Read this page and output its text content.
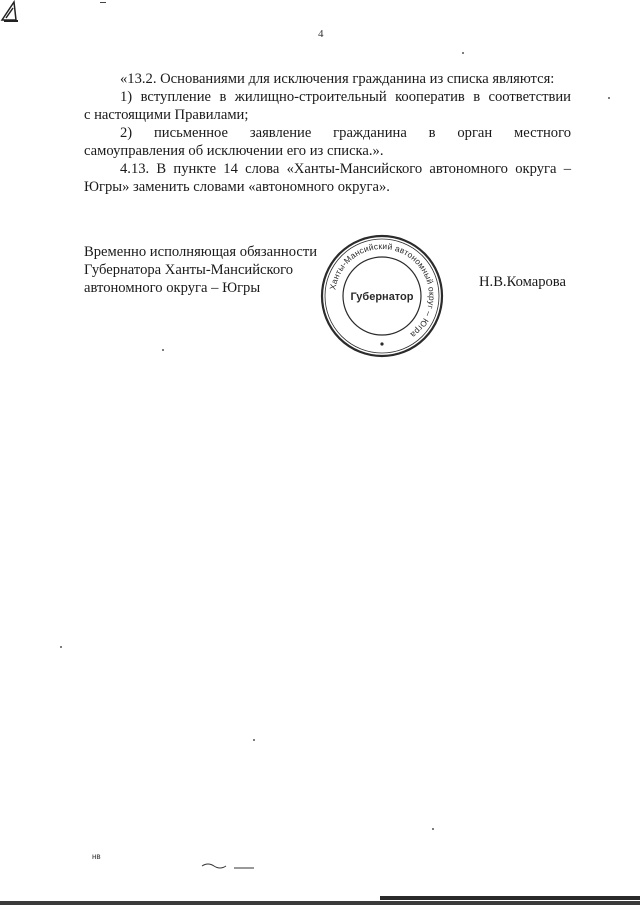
4

«13.2. Основаниями для исключения гражданина из списка являются:

1) вступление в жилищно-строительный кооператив в соответствии

с настоящими Правилами;

2) письменное заявление гражданина в орган местного

самоуправления об исключении его из списка.».

4.13. В пункте 14 слова «Ханты-Мансийского автономного округа –

Югры» заменить словами «автономного округа».

Временно исполняющая обязанности
Губернатора Ханты-Мансийского
автономного округа – Югры	Ханты-Мансийский автономный округ – Югра
Губернатор
Н.В.Комарова
нв
